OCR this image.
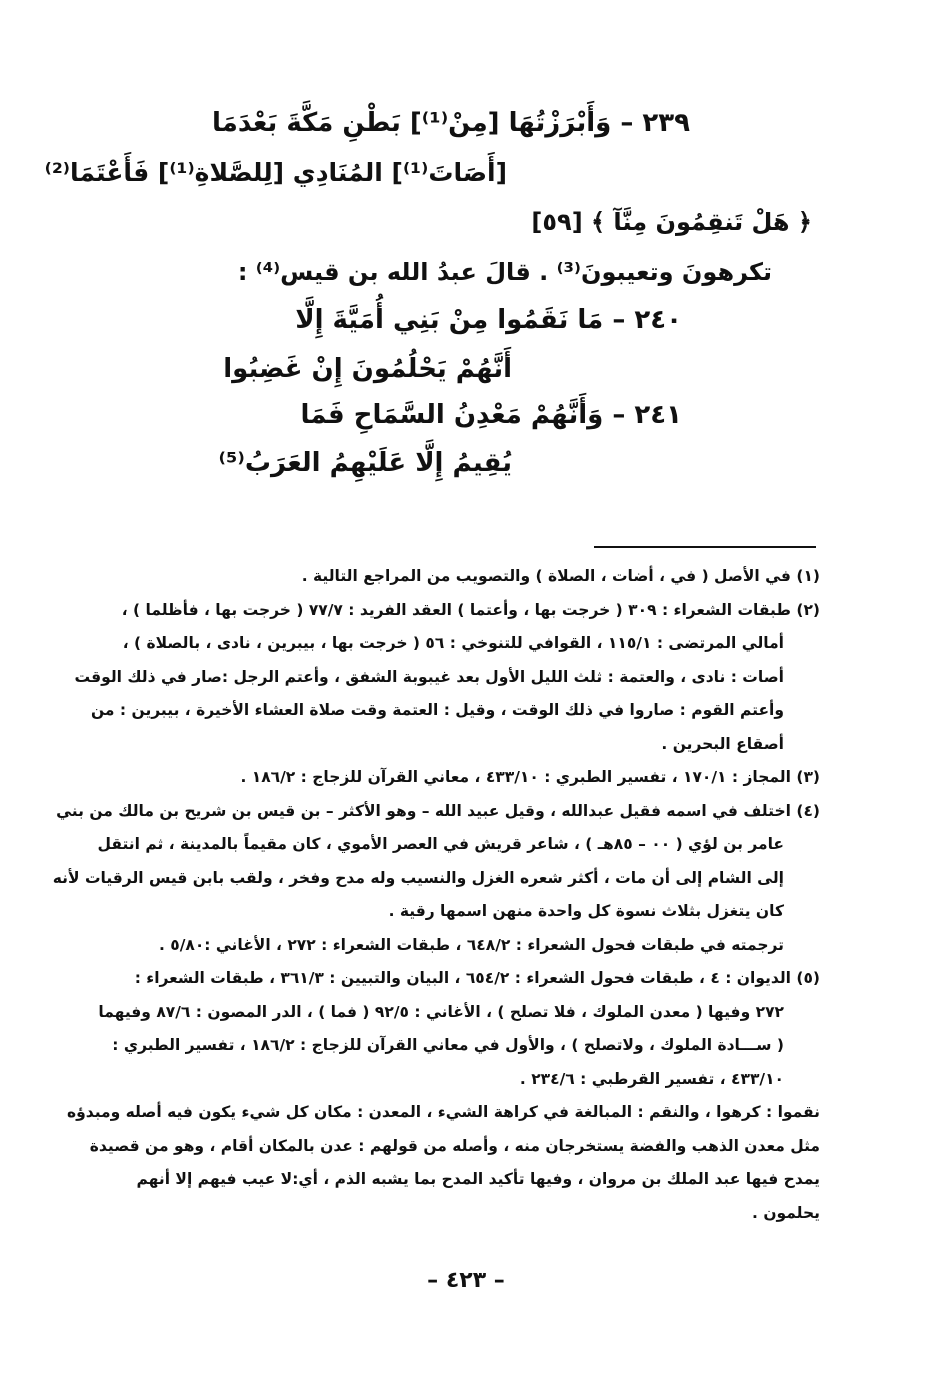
٢٣٩ – وَأَبْرَزْتُهَا [مِنْ⁽¹⁾] بَطْنِ مَكَّةَ بَعْدَمَا
[أَصَاتَ⁽¹⁾] المُنَادِي [لِلصَّلاةِ⁽¹⁾] فَأَعْتَمَا⁽²⁾
﴿ هَلْ تَنقِمُونَ مِنَّآ ﴾ [٥٩]
تكرهونَ وتعيبونَ⁽³⁾ . قالَ عبدُ الله بن قيس⁽⁴⁾ :
٢٤٠ – مَا نَقَمُوا مِنْ بَنِي أُمَيَّةَ إِلَّا
أَنَّهُمْ يَحْلُمُونَ إِنْ غَضِبُوا
٢٤١ – وَأَنَّهُمْ مَعْدِنُ السَّمَاحِ فَمَا
يُقِيمُ إِلَّا عَلَيْهِمُ العَرَبُ⁽⁵⁾
(١) في الأصل ( في ، أضات ، الصلاة ) والتصويب من المراجع التالية .
(٢) طبقات الشعراء : ٣٠٩ ( خرجت بها ، وأعتما ) العقد الفريد : ٧٧/٧ ( خرجت بها ، فأظلما ) ،
أمالي المرتضى : ١١٥/١ ، القوافي للتنوخي : ٥٦ ( خرجت بها ، بيبرين ، نادى ، بالصلاة ) ،
أصات : نادى ، والعتمة : ثلث الليل الأول بعد غيبوبة الشفق ، وأعتم الرجل :صار في ذلك الوقت
وأعتم القوم : صاروا في ذلك الوقت ، وقيل : العتمة وقت صلاة العشاء الأخيرة ، بيبرين : من
أصقاع البحرين .
(٣) المجاز : ١٧٠/١ ، تفسير الطبري : ٤٣٣/١٠ ، معاني القرآن للزجاج : ١٨٦/٢ .
(٤) اختلف في اسمه فقيل عبدالله ، وقيل عبيد الله – وهو الأكثر – بن قيس بن شريح بن مالك من بني
عامر بن لؤي ( ٠٠ – ٨٥هـ ) ، شاعر قريش في العصر الأموي ، كان مقيماً بالمدينة ، ثم انتقل
إلى الشام إلى أن مات ، أكثر شعره الغزل والنسيب وله مدح وفخر ، ولقب بابن قيس الرقيات لأنه
كان يتغزل بثلاث نسوة كل واحدة منهن اسمها رقية .
ترجمته في طبقات فحول الشعراء : ٦٤٨/٢ ، طبقات الشعراء : ٢٧٢ ، الأغاني :٥/٨٠ .
(٥) الديوان : ٤ ، طبقات فحول الشعراء : ٦٥٤/٢ ، البيان والتبيين : ٣٦١/٣ ، طبقات الشعراء :
٢٧٢ وفيها ( معدن الملوك ، فلا تصلح ) ، الأغاني : ٩٢/٥ ( فما ) ، الدر المصون : ٨٧/٦ وفيهما
( ســـادة الملوك ، ولاتصلح ) ، والأول في معاني القرآن للزجاج : ١٨٦/٢ ، تفسير الطبري :
٤٣٣/١٠ ، تفسير القرطبي : ٢٣٤/٦ .
نقموا : كرهوا ، والنقم : المبالغة في كراهة الشيء ، المعدن : مكان كل شيء يكون فيه أصله ومبدؤه
مثل معدن الذهب والفضة يستخرجان منه ، وأصله من قولهم : عدن بالمكان أقام ، وهو من قصيدة
يمدح فيها عبد الملك بن مروان ، وفيها تأكيد المدح بما يشبه الذم ، أي:لا عيب فيهم إلا أنهم
يحلمون .
– ٤٢٣ –
